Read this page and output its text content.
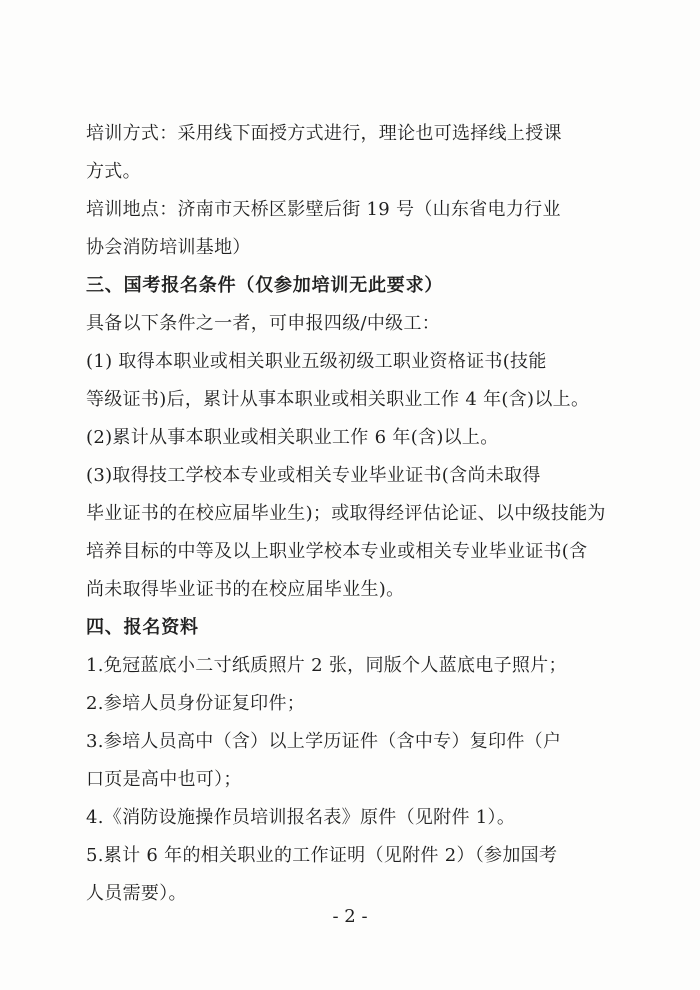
培训方式：采用线下面授方式进行，理论也可选择线上授课
方式。
培训地点：济南市天桥区影壁后街 19 号（山东省电力行业
协会消防培训基地）
三、国考报名条件（仅参加培训无此要求）
具备以下条件之一者，可申报四级/中级工：
(1) 取得本职业或相关职业五级初级工职业资格证书(技能
等级证书)后，累计从事本职业或相关职业工作 4 年(含)以上。
(2)累计从事本职业或相关职业工作 6 年(含)以上。
(3)取得技工学校本专业或相关专业毕业证书(含尚未取得
毕业证书的在校应届毕业生)；或取得经评估论证、以中级技能为
培养目标的中等及以上职业学校本专业或相关专业毕业证书(含
尚未取得毕业证书的在校应届毕业生)。
四、报名资料
1.免冠蓝底小二寸纸质照片 2 张，同版个人蓝底电子照片；
2.参培人员身份证复印件；
3.参培人员高中（含）以上学历证件（含中专）复印件（户
口页是高中也可）；
4.《消防设施操作员培训报名表》原件（见附件 1）。
5.累计 6 年的相关职业的工作证明（见附件 2）（参加国考
人员需要）。
- 2 -
